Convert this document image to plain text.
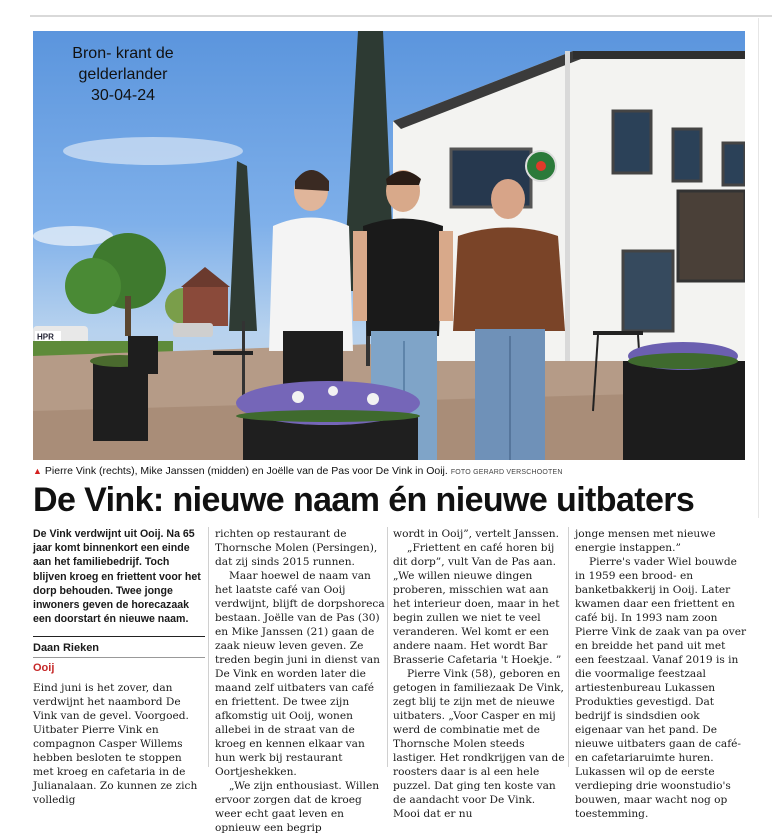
HPR
Bron- krant de
gelderlander
30-04-24
▲ Pierre Vink (rechts), Mike Janssen (midden) en Joëlle van de Pas voor De Vink in Ooij. FOTO GERARD VERSCHOOTEN
De Vink: nieuwe naam én nieuwe uitbaters

De Vink verdwijnt uit Ooij. Na 65 jaar komt binnenkort een einde aan het familiebedrijf. Toch blijven kroeg en friettent voor het dorp behouden. Twee jonge inwoners geven de horecazaak een doorstart én nieuwe naam.

Daan Rieken
Ooij

Eind juni is het zover, dan verdwijnt het naambord De Vink van de gevel. Voorgoed. Uitbater Pierre Vink en compagnon Casper Willems hebben besloten te stoppen met kroeg en cafetaria in de Julianalaan. Zo kunnen ze zich volledig

richten op restaurant de Thornsche Molen (Persingen), dat zij sinds 2015 runnen.

Maar hoewel de naam van het laatste café van Ooij verdwijnt, blijft de dorpshoreca bestaan. Joëlle van de Pas (30) en Mike Janssen (21) gaan de zaak nieuw leven geven. Ze treden begin juni in dienst van De Vink en worden later die maand zelf uitbaters van café en friettent. De twee zijn afkomstig uit Ooij, wonen allebei in de straat van de kroeg en kennen elkaar van hun werk bij restaurant Oortjeshekken.

„We zijn enthousiast. Willen ervoor zorgen dat de kroeg weer echt gaat leven en opnieuw een begrip

wordt in Ooij”, vertelt Janssen.

„Friettent en café horen bij dit dorp”, vult Van de Pas aan. „We willen nieuwe dingen proberen, misschien wat aan het interieur doen, maar in het begin zullen we niet te veel veranderen. Wel komt er een andere naam. Het wordt Bar Brasserie Cafetaria 't Hoekje. ”

Pierre Vink (58), geboren en getogen in familiezaak De Vink, zegt blij te zijn met de nieuwe uitbaters. „Voor Casper en mij werd de combinatie met de Thornsche Molen steeds lastiger. Het rondkrijgen van de roosters daar is al een hele puzzel. Dat ging ten koste van de aandacht voor De Vink. Mooi dat er nu

jonge mensen met nieuwe energie instappen.”

Pierre's vader Wiel bouwde in 1959 een brood- en banketbakkerij in Ooij. Later kwamen daar een friettent en café bij. In 1993 nam zoon Pierre Vink de zaak van pa over en breidde het pand uit met een feestzaal. Vanaf 2019 is in die voormalige feestzaal artiestenbureau Lukassen Produkties gevestigd. Dat bedrijf is sindsdien ook eigenaar van het pand. De nieuwe uitbaters gaan de café- en cafetariaruimte huren. Lukassen wil op de eerste verdieping drie woonstudio's bouwen, maar wacht nog op toestemming.
